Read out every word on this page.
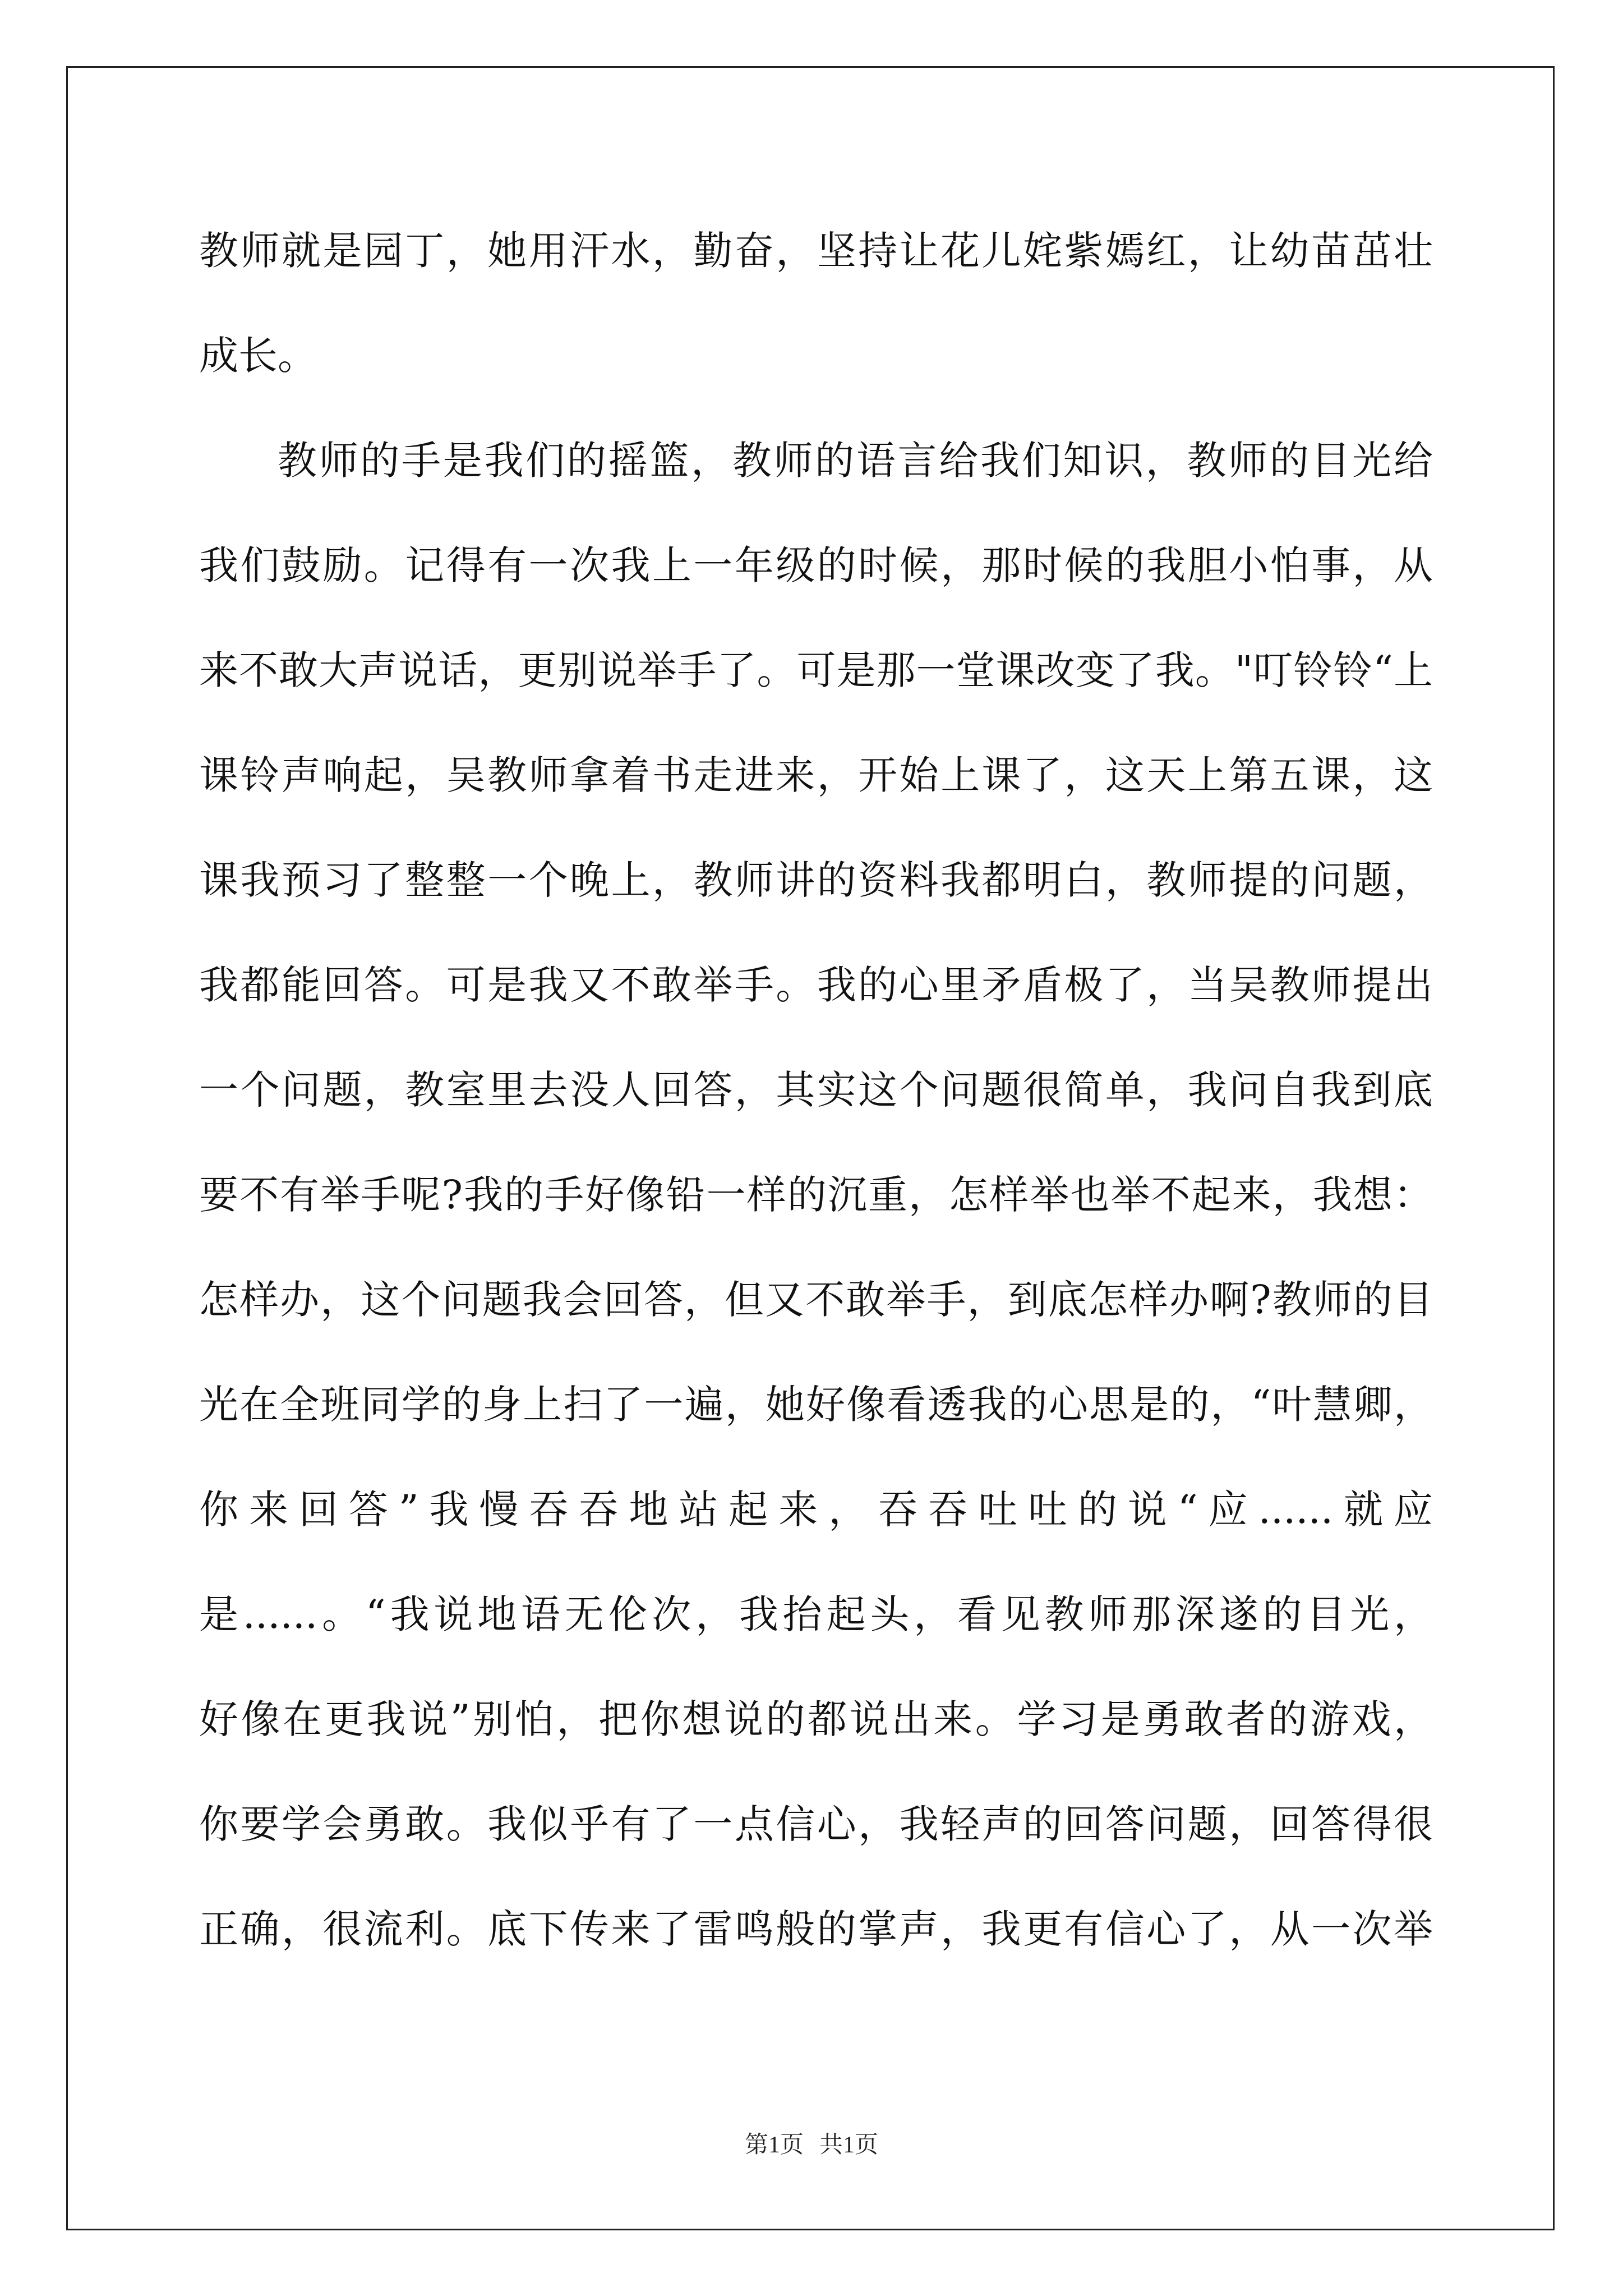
教师就是园丁，她用汗水，勤奋，坚持让花儿姹紫嫣红，让幼苗茁壮
成长。
教师的手是我们的摇篮，教师的语言给我们知识，教师的目光给
我们鼓励。记得有一次我上一年级的时候，那时候的我胆小怕事，从
来不敢大声说话，更别说举手了。可是那一堂课改变了我。"叮铃铃“上
课铃声响起，吴教师拿着书走进来，开始上课了，这天上第五课，这
课我预习了整整一个晚上，教师讲的资料我都明白，教师提的问题，
我都能回答。可是我又不敢举手。我的心里矛盾极了，当吴教师提出
一个问题，教室里去没人回答，其实这个问题很简单，我问自我到底
要不有举手呢?我的手好像铅一样的沉重，怎样举也举不起来，我想：
怎样办，这个问题我会回答，但又不敢举手，到底怎样办啊?教师的目
光在全班同学的身上扫了一遍，她好像看透我的心思是的，“叶慧卿，
你来回答”我慢吞吞地站起来，吞吞吐吐的说“应......就应
是......。“我说地语无伦次，我抬起头，看见教师那深遂的目光，
好像在更我说”别怕，把你想说的都说出来。学习是勇敢者的游戏，
你要学会勇敢。我似乎有了一点信心，我轻声的回答问题，回答得很
正确，很流利。底下传来了雷鸣般的掌声，我更有信心了，从一次举
第1页 共1页
